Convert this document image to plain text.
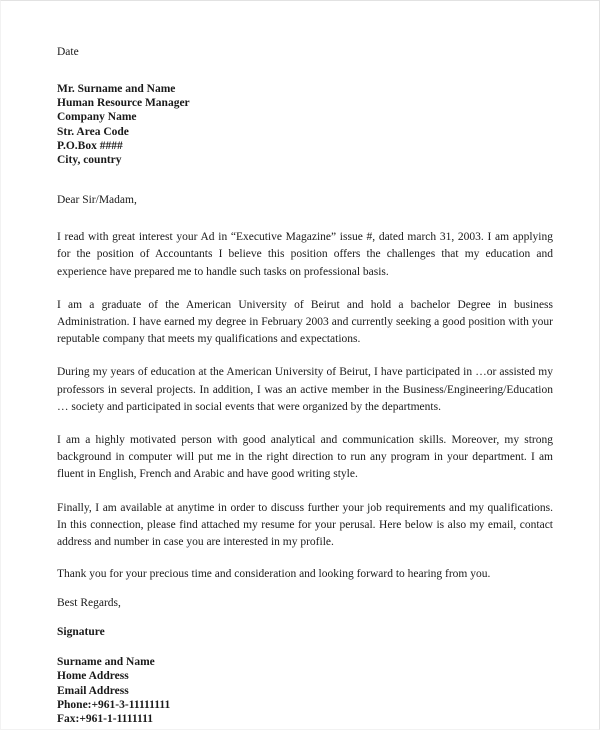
Date
Mr. Surname and Name
Human Resource Manager
Company Name
Str. Area Code
P.O.Box ####
City, country
Dear Sir/Madam,

I read with great interest your Ad in “Executive Magazine” issue #, dated march 31, 2003. I am applying for the position of Accountants I believe this position offers the challenges that my education and experience have prepared me to handle such tasks on professional basis.

I am a graduate of the American University of Beirut and hold a bachelor Degree in business Administration. I have earned my degree in February 2003 and currently seeking a good position with your reputable company that meets my qualifications and expectations.

During my years of education at the American University of Beirut, I have participated in …or assisted my professors in several projects. In addition, I was an active member in the Business/Engineering/Education … society and participated in social events that were organized by the departments.

I am a highly motivated person with good analytical and communication skills. Moreover, my strong background in computer will put me in the right direction to run any program in your department. I am fluent in English, French and Arabic and have good writing style.

Finally, I am available at anytime in order to discuss further your job requirements and my qualifications. In this connection, please find attached my resume for your perusal. Here below is also my email, contact address and number in case you are interested in my profile.

Thank you for your precious time and consideration and looking forward to hearing from you.
Best Regards,
Signature
Surname and Name
Home Address
Email Address
Phone:+961-3-11111111
Fax:+961-1-1111111
